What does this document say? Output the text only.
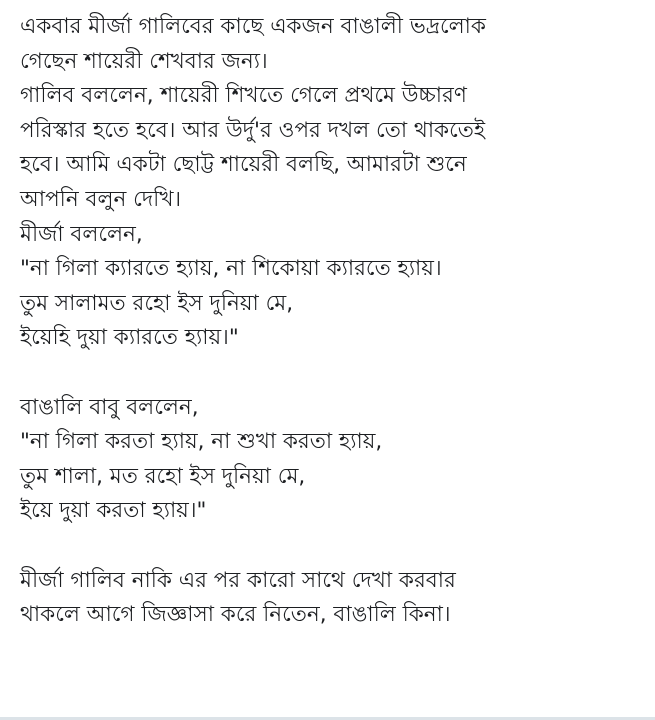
একবার মীর্জা গালিবের কাছে একজন বাঙালী ভদ্রলোক
গেছেন শায়েরী শেখবার জন্য।
গালিব বললেন, শায়েরী শিখতে গেলে প্রথমে উচ্চারণ
পরিস্কার হতে হবে। আর উর্দু'র ওপর দখল তো থাকতেই
হবে। আমি একটা ছোট্ট শায়েরী বলছি, আমারটা শুনে
আপনি বলুন দেখি।
মীর্জা বললেন,
"না গিলা ক্যারতে হ্যায়, না শিকোয়া ক্যারতে হ্যায়।
তুম সালামত রহো ইস দুনিয়া মে,
ইয়েহি দুয়া ক্যারতে হ্যায়।"
বাঙালি বাবু বললেন,
"না গিলা করতা হ্যায়, না শুখা করতা হ্যায়,
তুম শালা, মত রহো ইস দুনিয়া মে,
ইয়ে দুয়া করতা হ্যায়।"
মীর্জা গালিব নাকি এর পর কারো সাথে দেখা করবার
থাকলে আগে জিজ্ঞাসা করে নিতেন, বাঙালি কিনা।
